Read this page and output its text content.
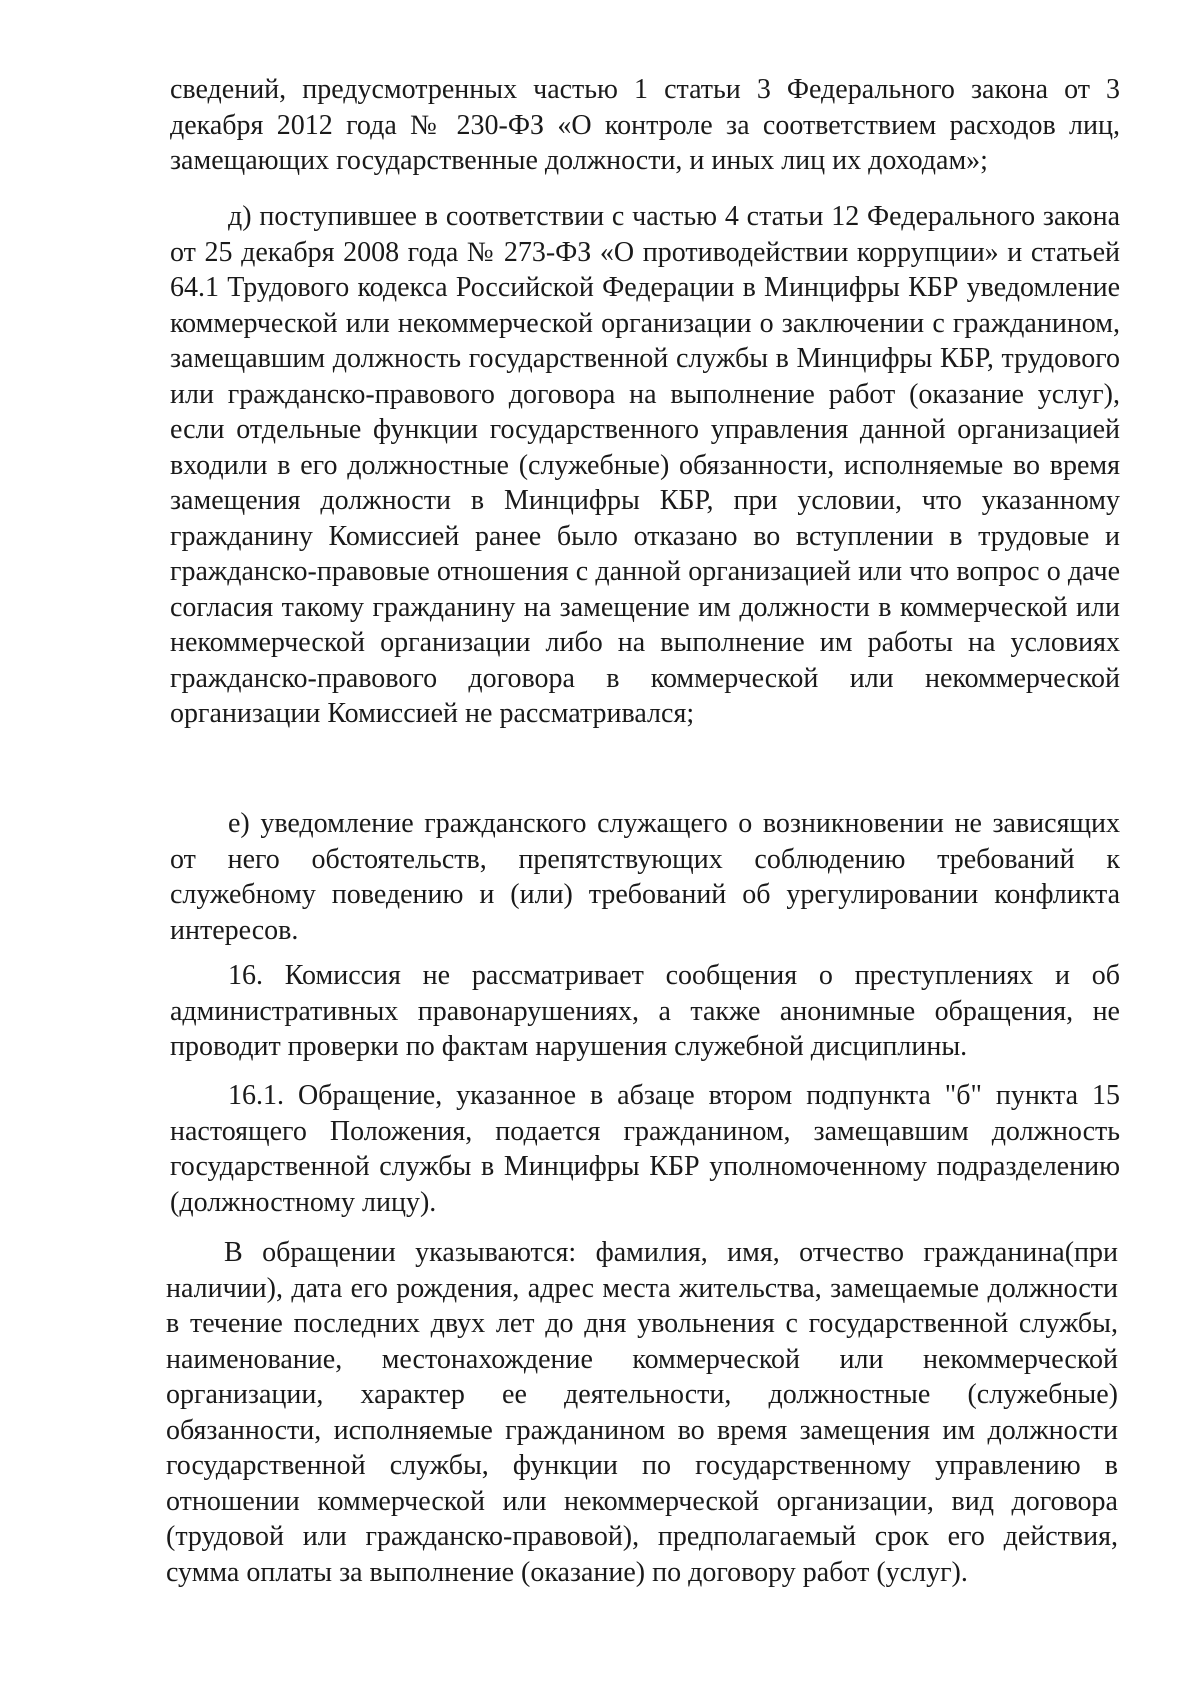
сведений, предусмотренных частью 1 статьи 3 Федерального закона от 3 декабря 2012 года № 230-ФЗ «О контроле за соответствием расходов лиц, замещающих государственные должности, и иных лиц их доходам»;

д) поступившее в соответствии с частью 4 статьи 12 Федерального закона от 25 декабря 2008 года № 273-ФЗ «О противодействии коррупции» и статьей 64.1 Трудового кодекса Российской Федерации в Минцифры КБР уведомление коммерческой или некоммерческой организации о заключении с гражданином, замещавшим должность государственной службы в Минцифры КБР, трудового или гражданско-правового договора на выполнение работ (оказание услуг), если отдельные функции государственного управления данной организацией входили в его должностные (служебные) обязанности, исполняемые во время замещения должности в Минцифры КБР, при условии, что указанному гражданину Комиссией ранее было отказано во вступлении в трудовые и гражданско-правовые отношения с данной организацией или что вопрос о даче согласия такому гражданину на замещение им должности в коммерческой или некоммерческой организации либо на выполнение им работы на условиях гражданско-правового договора в коммерческой или некоммерческой организации Комиссией не рассматривался;

е) уведомление гражданского служащего о возникновении не зависящих от него обстоятельств, препятствующих соблюдению требований к служебному поведению и (или) требований об урегулировании конфликта интересов.

16. Комиссия не рассматривает сообщения о преступлениях и об административных правонарушениях, а также анонимные обращения, не проводит проверки по фактам нарушения служебной дисциплины.

16.1. Обращение, указанное в абзаце втором подпункта "б" пункта 15 настоящего Положения, подается гражданином, замещавшим должность государственной службы в Минцифры КБР уполномоченному подразделению (должностному лицу).

В обращении указываются: фамилия, имя, отчество гражданина(при наличии), дата его рождения, адрес места жительства, замещаемые должности в течение последних двух лет до дня увольнения с государственной службы, наименование, местонахождение коммерческой или некоммерческой организации, характер ее деятельности, должностные (служебные) обязанности, исполняемые гражданином во время замещения им должности государственной службы, функции по государственному управлению в отношении коммерческой или некоммерческой организации, вид договора (трудовой или гражданско-правовой), предполагаемый срок его действия, сумма оплаты за выполнение (оказание) по договору работ (услуг).
